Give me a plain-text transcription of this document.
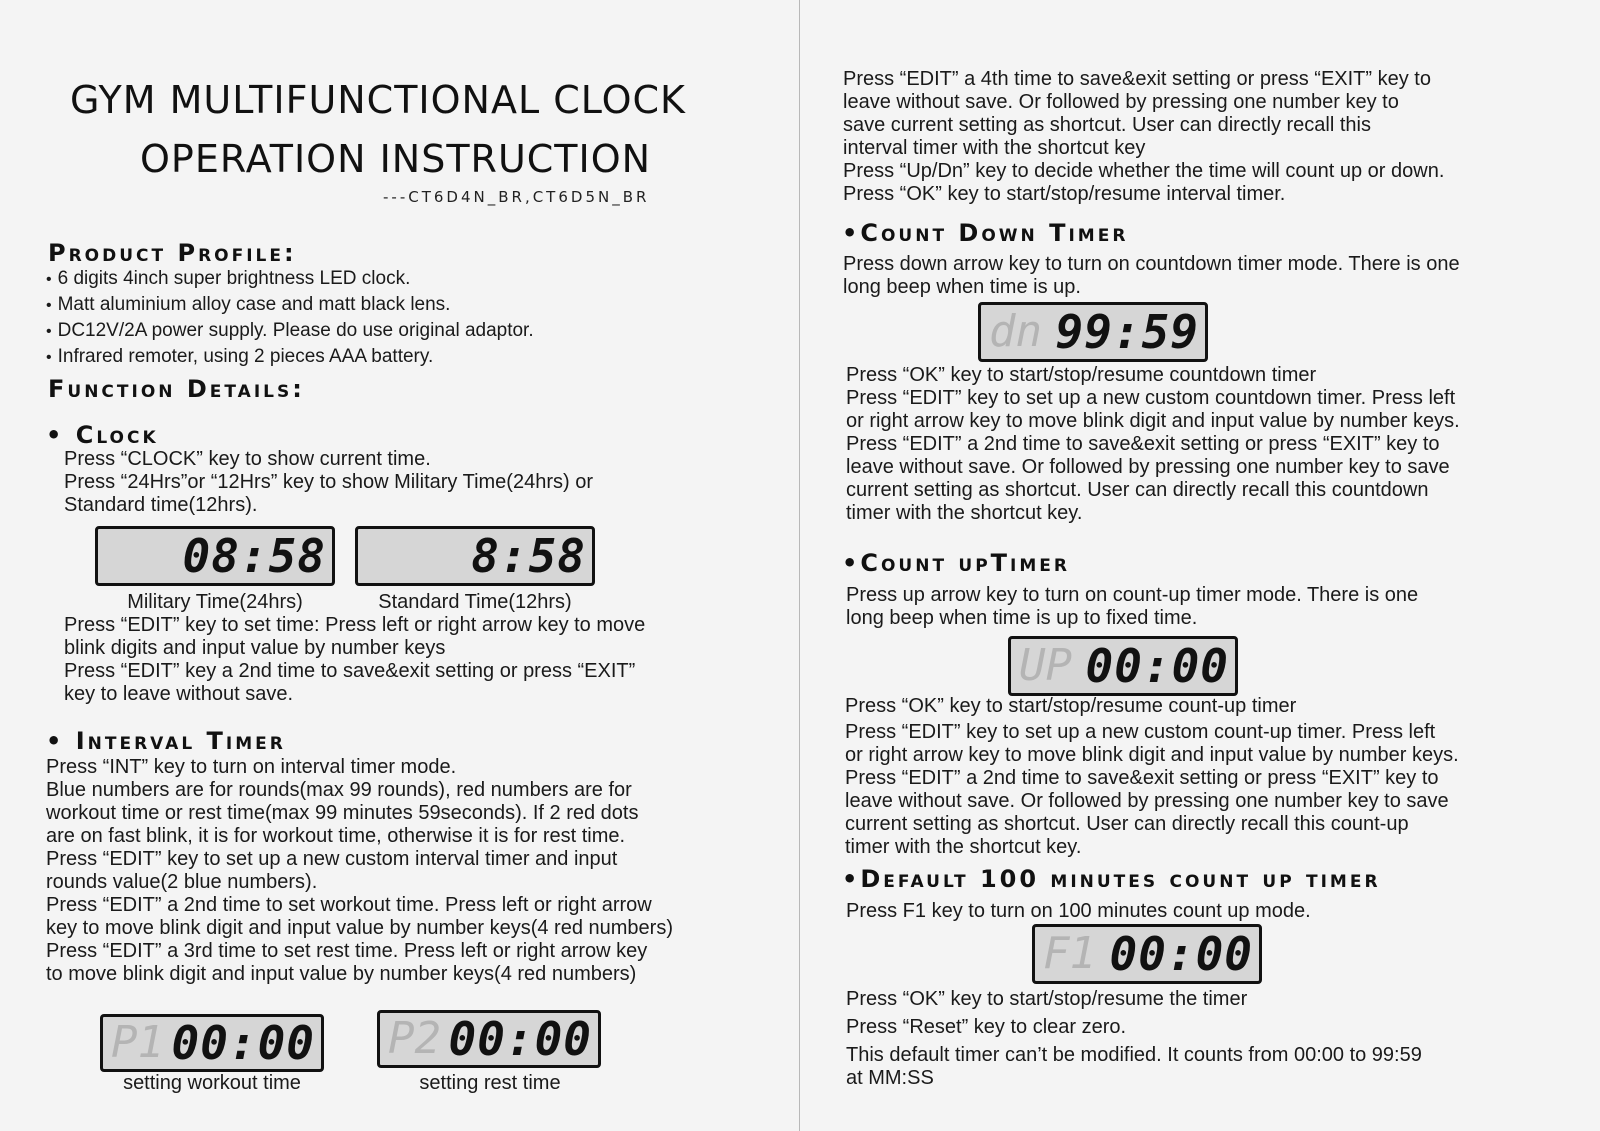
GYM MULTIFUNCTIONAL CLOCK
OPERATION INSTRUCTION
---CT6D4N_BR,CT6D5N_BR
Product Profile:
• 6 digits 4inch super brightness LED clock.
• Matt aluminium alloy case and matt black lens.
• DC12V/2A power supply. Please do use original adaptor.
• Infrared remoter, using 2 pieces AAA battery.
Function Details:
• Clock
Press “CLOCK” key to show current time.
Press “24Hrs”or “12Hrs” key to show Military Time(24hrs) or
Standard time(12hrs).
08:58	8:58
Military Time(24hrs)	Standard Time(12hrs)
Press “EDIT” key to set time: Press left or right arrow key to move
blink digits and input value by number keys
Press “EDIT” key a 2nd time to save&exit setting or press “EXIT”
key to leave without save.
• Interval Timer
Press “INT” key to turn on interval timer mode.
Blue numbers are for rounds(max 99 rounds), red numbers are for
workout time or rest time(max 99 minutes 59seconds). If 2 red dots
are on fast blink, it is for workout time, otherwise it is for rest time.
Press “EDIT” key to set up a new custom interval timer and input
rounds value(2 blue numbers).
Press “EDIT” a 2nd time to set workout time. Press left or right arrow
key to move blink digit and input value by number keys(4 red numbers)
Press “EDIT” a 3rd time to set rest time. Press left or right arrow key
to move blink digit and input value by number keys(4 red numbers)
P1 00:00 P2 00:00
setting workout time	setting rest time
Press “EDIT” a 4th time to save&exit setting or press “EXIT” key to
leave without save. Or followed by pressing one number key to
save current setting as shortcut. User can directly recall this
interval timer with the shortcut key
Press “Up/Dn” key to decide whether the time will count up or down.
Press “OK” key to start/stop/resume interval timer.
•Count Down Timer
Press down arrow key to turn on countdown timer mode. There is one
long beep when time is up.
dn 99:59
Press “OK” key to start/stop/resume countdown timer
Press “EDIT” key to set up a new custom countdown timer. Press left
or right arrow key to move blink digit and input value by number keys.
Press “EDIT” a 2nd time to save&exit setting or press “EXIT” key to
leave without save. Or followed by pressing one number key to save
current setting as shortcut. User can directly recall this countdown
timer with the shortcut key.
•Count upTimer
Press up arrow key to turn on count-up timer mode. There is one
long beep when time is up to fixed time.
UP 00:00
Press “OK” key to start/stop/resume count-up timer
Press “EDIT” key to set up a new custom count-up timer. Press left
or right arrow key to move blink digit and input value by number keys.
Press “EDIT” a 2nd time to save&exit setting or press “EXIT” key to
leave without save. Or followed by pressing one number key to save
current setting as shortcut. User can directly recall this count-up
timer with the shortcut key.
•Default 100 minutes count up timer
Press F1 key to turn on 100 minutes count up mode.
F1 00:00
Press “OK” key to start/stop/resume the timer
Press “Reset” key to clear zero.
This default timer can’t be modified. It counts from 00:00 to 99:59
at MM:SS
